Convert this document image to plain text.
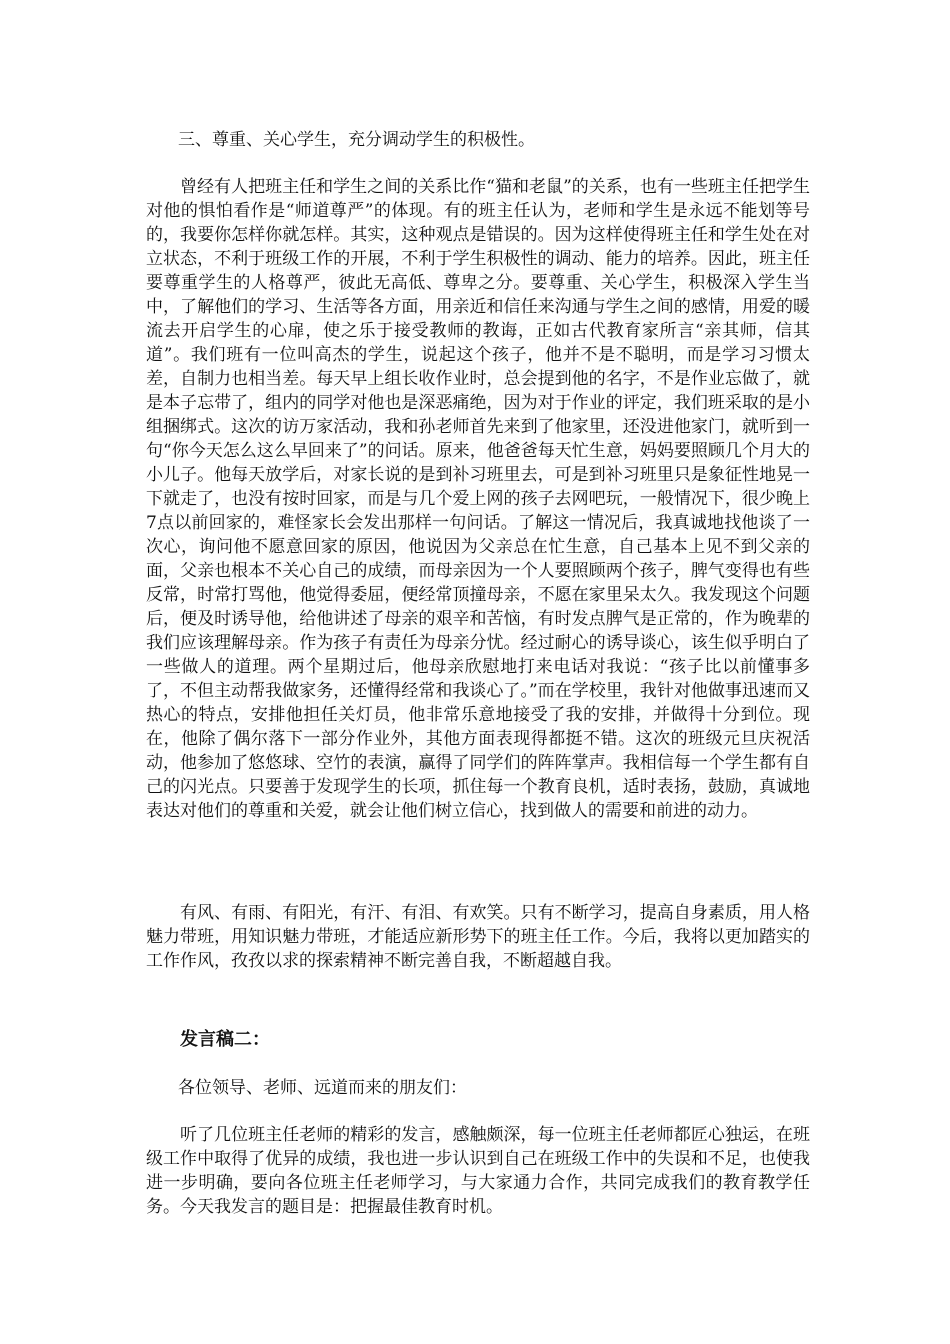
三、尊重、关心学生，充分调动学生的积极性。

曾经有人把班主任和学生之间的关系比作“猫和老鼠”的关系，也有一些班主任把学生对他的惧怕看作是“师道尊严”的体现。有的班主任认为，老师和学生是永远不能划等号的，我要你怎样你就怎样。其实，这种观点是错误的。因为这样使得班主任和学生处在对立状态，不利于班级工作的开展，不利于学生积极性的调动、能力的培养。因此，班主任要尊重学生的人格尊严，彼此无高低、尊卑之分。要尊重、关心学生，积极深入学生当中，了解他们的学习、生活等各方面，用亲近和信任来沟通与学生之间的感情，用爱的暖流去开启学生的心扉，使之乐于接受教师的教诲，正如古代教育家所言“亲其师，信其道”。我们班有一位叫高杰的学生，说起这个孩子，他并不是不聪明，而是学习习惯太差，自制力也相当差。每天早上组长收作业时，总会提到他的名字，不是作业忘做了，就是本子忘带了，组内的同学对他也是深恶痛绝，因为对于作业的评定，我们班采取的是小组捆绑式。这次的访万家活动，我和孙老师首先来到了他家里，还没进他家门，就听到一句“你今天怎么这么早回来了”的问话。原来，他爸爸每天忙生意，妈妈要照顾几个月大的小儿子。他每天放学后，对家长说的是到补习班里去，可是到补习班里只是象征性地晃一下就走了，也没有按时回家，而是与几个爱上网的孩子去网吧玩，一般情况下，很少晚上7点以前回家的，难怪家长会发出那样一句问话。了解这一情况后，我真诚地找他谈了一次心，询问他不愿意回家的原因，他说因为父亲总在忙生意，自己基本上见不到父亲的面，父亲也根本不关心自己的成绩，而母亲因为一个人要照顾两个孩子，脾气变得也有些反常，时常打骂他，他觉得委屈，便经常顶撞母亲，不愿在家里呆太久。我发现这个问题后，便及时诱导他，给他讲述了母亲的艰辛和苦恼，有时发点脾气是正常的，作为晚辈的我们应该理解母亲。作为孩子有责任为母亲分忧。经过耐心的诱导谈心，该生似乎明白了一些做人的道理。两个星期过后，他母亲欣慰地打来电话对我说：“孩子比以前懂事多了，不但主动帮我做家务，还懂得经常和我谈心了。”而在学校里，我针对他做事迅速而又热心的特点，安排他担任关灯员，他非常乐意地接受了我的安排，并做得十分到位。现在，他除了偶尔落下一部分作业外，其他方面表现得都挺不错。这次的班级元旦庆祝活动，他参加了悠悠球、空竹的表演，赢得了同学们的阵阵掌声。我相信每一个学生都有自己的闪光点。只要善于发现学生的长项，抓住每一个教育良机，适时表扬，鼓励，真诚地表达对他们的尊重和关爱，就会让他们树立信心，找到做人的需要和前进的动力。

有风、有雨、有阳光，有汗、有泪、有欢笑。只有不断学习，提高自身素质，用人格魅力带班，用知识魅力带班，才能适应新形势下的班主任工作。今后，我将以更加踏实的工作作风，孜孜以求的探索精神不断完善自我，不断超越自我。

发言稿二：
各位领导、老师、远道而来的朋友们：

听了几位班主任老师的精彩的发言，感触颇深，每一位班主任老师都匠心独运，在班级工作中取得了优异的成绩，我也进一步认识到自己在班级工作中的失误和不足，也使我进一步明确，要向各位班主任老师学习，与大家通力合作，共同完成我们的教育教学任务。今天我发言的题目是：把握最佳教育时机。
